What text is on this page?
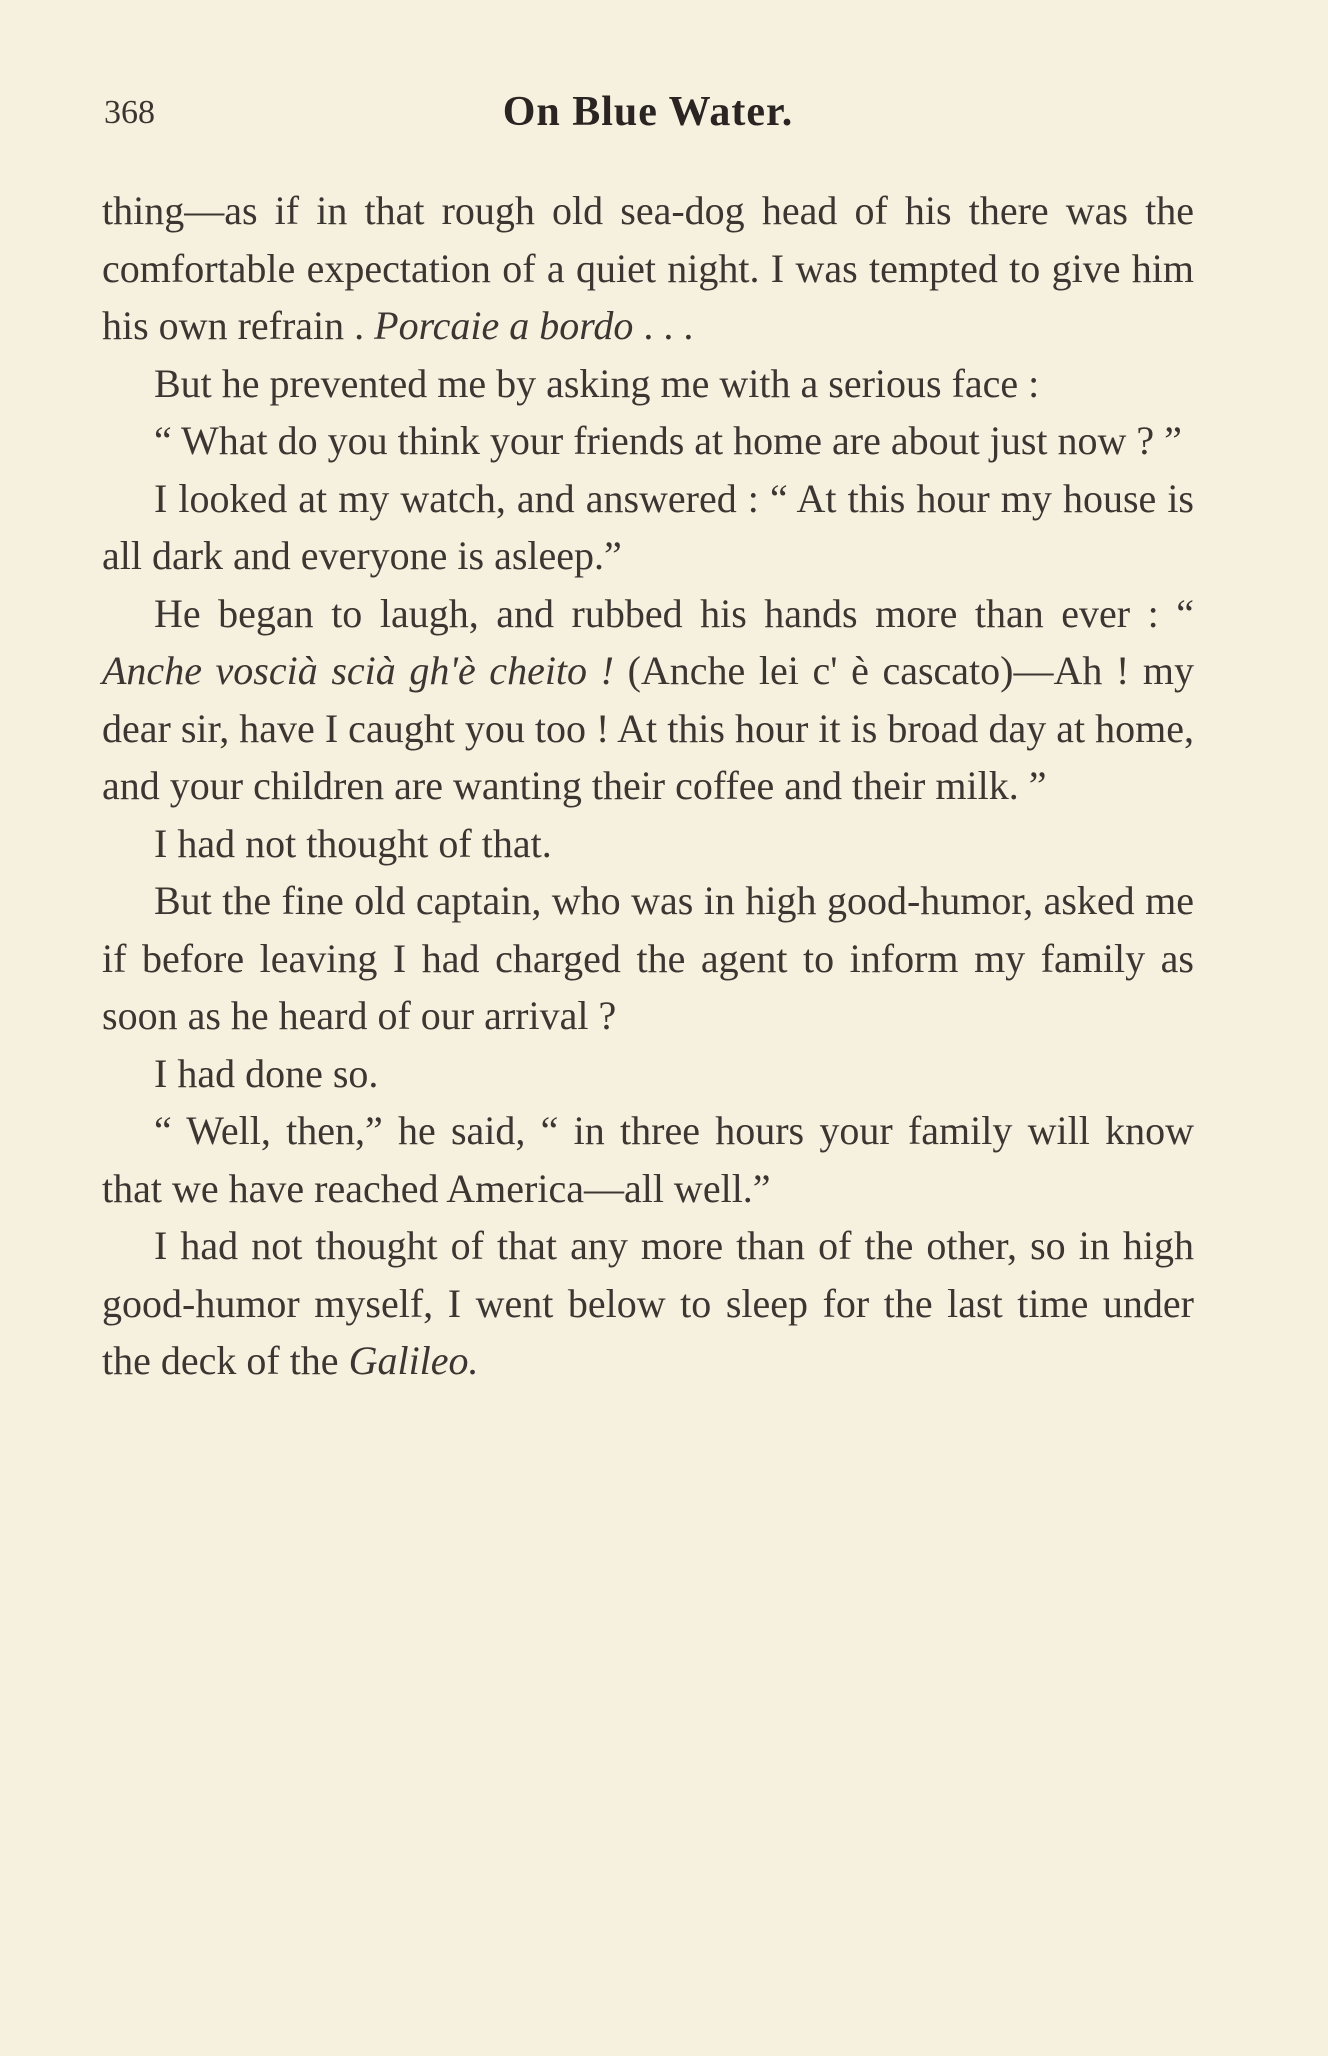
368	On Blue Water.

thing—as if in that rough old sea-dog head of his there was the comfortable expectation of a quiet night. I was tempted to give him his own refrain . Porcaie a bordo . . .

But he prevented me by asking me with a serious face :

“ What do you think your friends at home are about just now ? ”

I looked at my watch, and answered : “ At this hour my house is all dark and everyone is asleep.”

He began to laugh, and rubbed his hands more than ever : “ Anche voscià scià gh'è cheito ! (Anche lei c' è cascato)—Ah ! my dear sir, have I caught you too ! At this hour it is broad day at home, and your children are wanting their coffee and their milk. ”

I had not thought of that.

But the fine old captain, who was in high good-humor, asked me if before leaving I had charged the agent to inform my family as soon as he heard of our arrival ?

I had done so.

“ Well, then,” he said, “ in three hours your family will know that we have reached America—all well.”

I had not thought of that any more than of the other, so in high good-humor myself, I went below to sleep for the last time under the deck of the Galileo.
